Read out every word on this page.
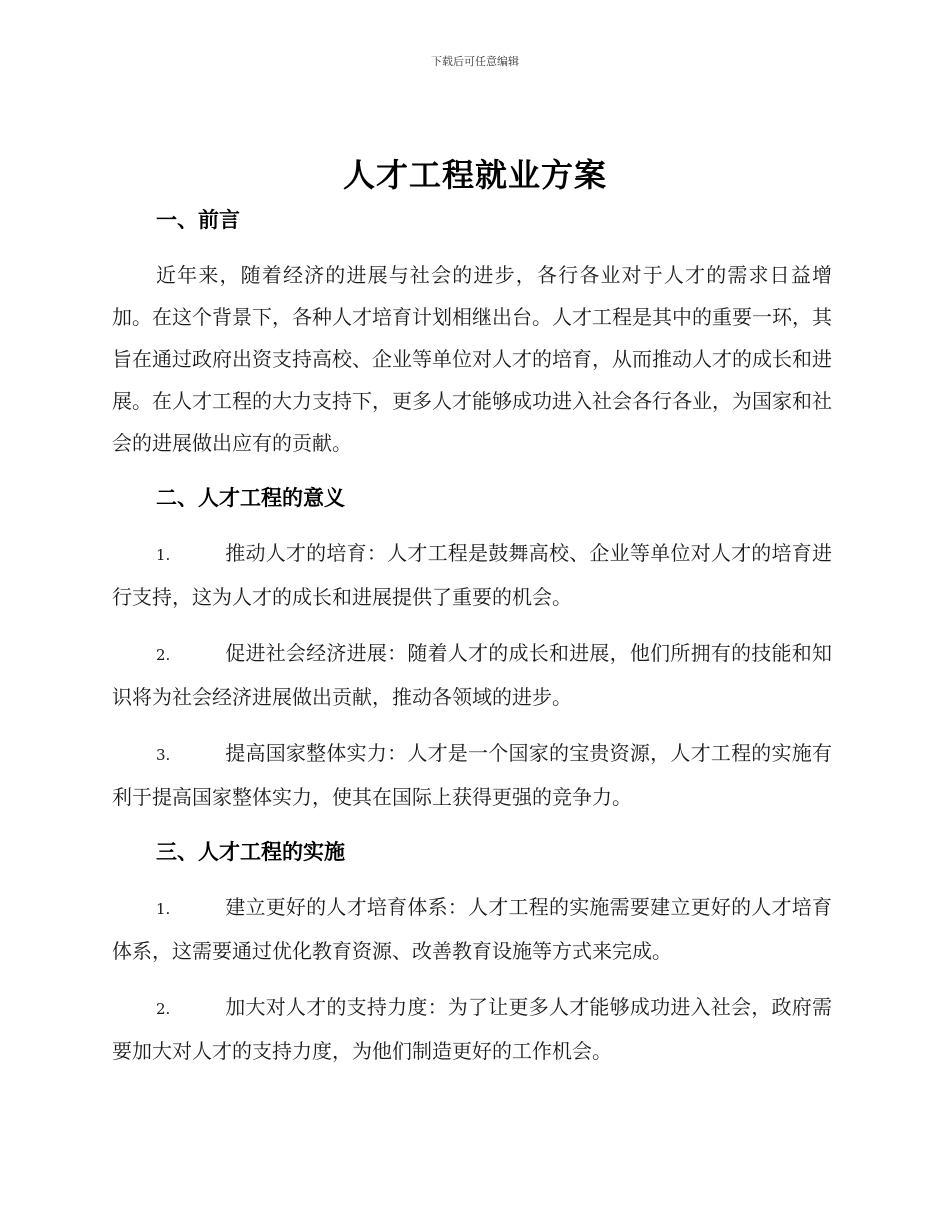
下载后可任意编辑
人才工程就业方案
一、前言

近年来，随着经济的进展与社会的进步，各行各业对于人才的需求日益增加。在这个背景下，各种人才培育计划相继出台。人才工程是其中的重要一环，其旨在通过政府出资支持高校、企业等单位对人才的培育，从而推动人才的成长和进展。在人才工程的大力支持下，更多人才能够成功进入社会各行各业，为国家和社会的进展做出应有的贡献。

二、人才工程的意义

1.	推动人才的培育：人才工程是鼓舞高校、企业等单位对人才的培育进行支持，这为人才的成长和进展提供了重要的机会。

2.	促进社会经济进展：随着人才的成长和进展，他们所拥有的技能和知识将为社会经济进展做出贡献，推动各领域的进步。

3.	提高国家整体实力：人才是一个国家的宝贵资源，人才工程的实施有利于提高国家整体实力，使其在国际上获得更强的竞争力。

三、人才工程的实施

1.	建立更好的人才培育体系：人才工程的实施需要建立更好的人才培育体系，这需要通过优化教育资源、改善教育设施等方式来完成。

2.	加大对人才的支持力度：为了让更多人才能够成功进入社会，政府需要加大对人才的支持力度，为他们制造更好的工作机会。
